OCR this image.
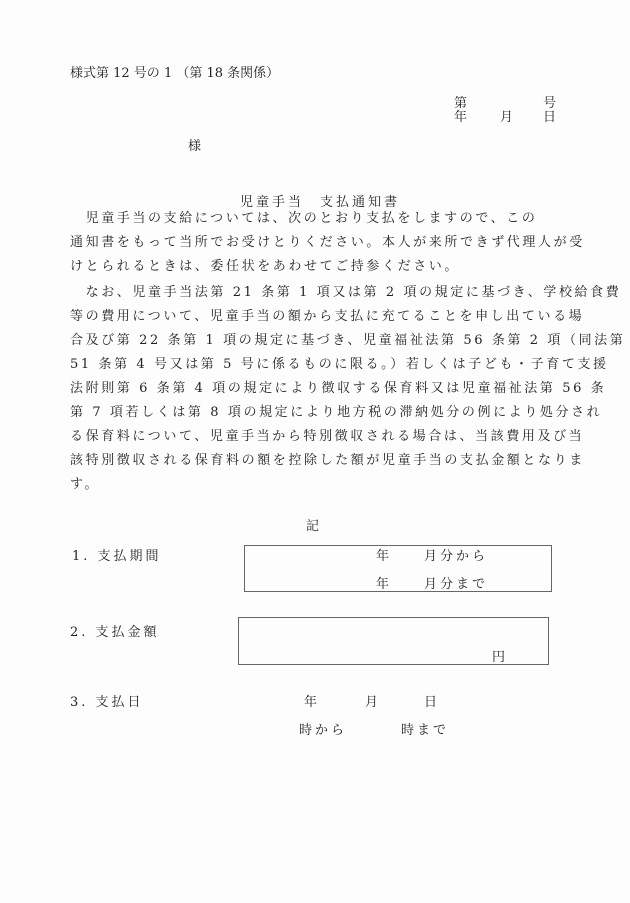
様式第 12 号の 1 （第 18 条関係）
第	号
年	月 日
様
児童手当　支払通知書
　児童手当の支給については、次のとおり支払をしますので、この
通知書をもって当所でお受けとりください。本人が来所できず代理人が受
けとられるときは、委任状をあわせてご持参ください。
　なお、児童手当法第 21 条第 1 項又は第 2 項の規定に基づき、学校給食費
等の費用について、児童手当の額から支払に充てることを申し出ている場
合及び第 22 条第 1 項の規定に基づき、児童福祉法第 56 条第 2 項（同法第
51 条第 4 号又は第 5 号に係るものに限る。）若しくは子ども・子育て支援
法附則第 6 条第 4 項の規定により徴収する保育料又は児童福祉法第 56 条
第 7 項若しくは第 8 項の規定により地方税の滞納処分の例により処分され
る保育料について、児童手当から特別徴収される場合は、当該費用及び当
該特別徴収される保育料の額を控除した額が児童手当の支払金額となりま
す。
記
1. 支払期間	年	月分から
年	月分まで
2. 支払金額
円
3. 支払日	年	月	日
時から	時まで
